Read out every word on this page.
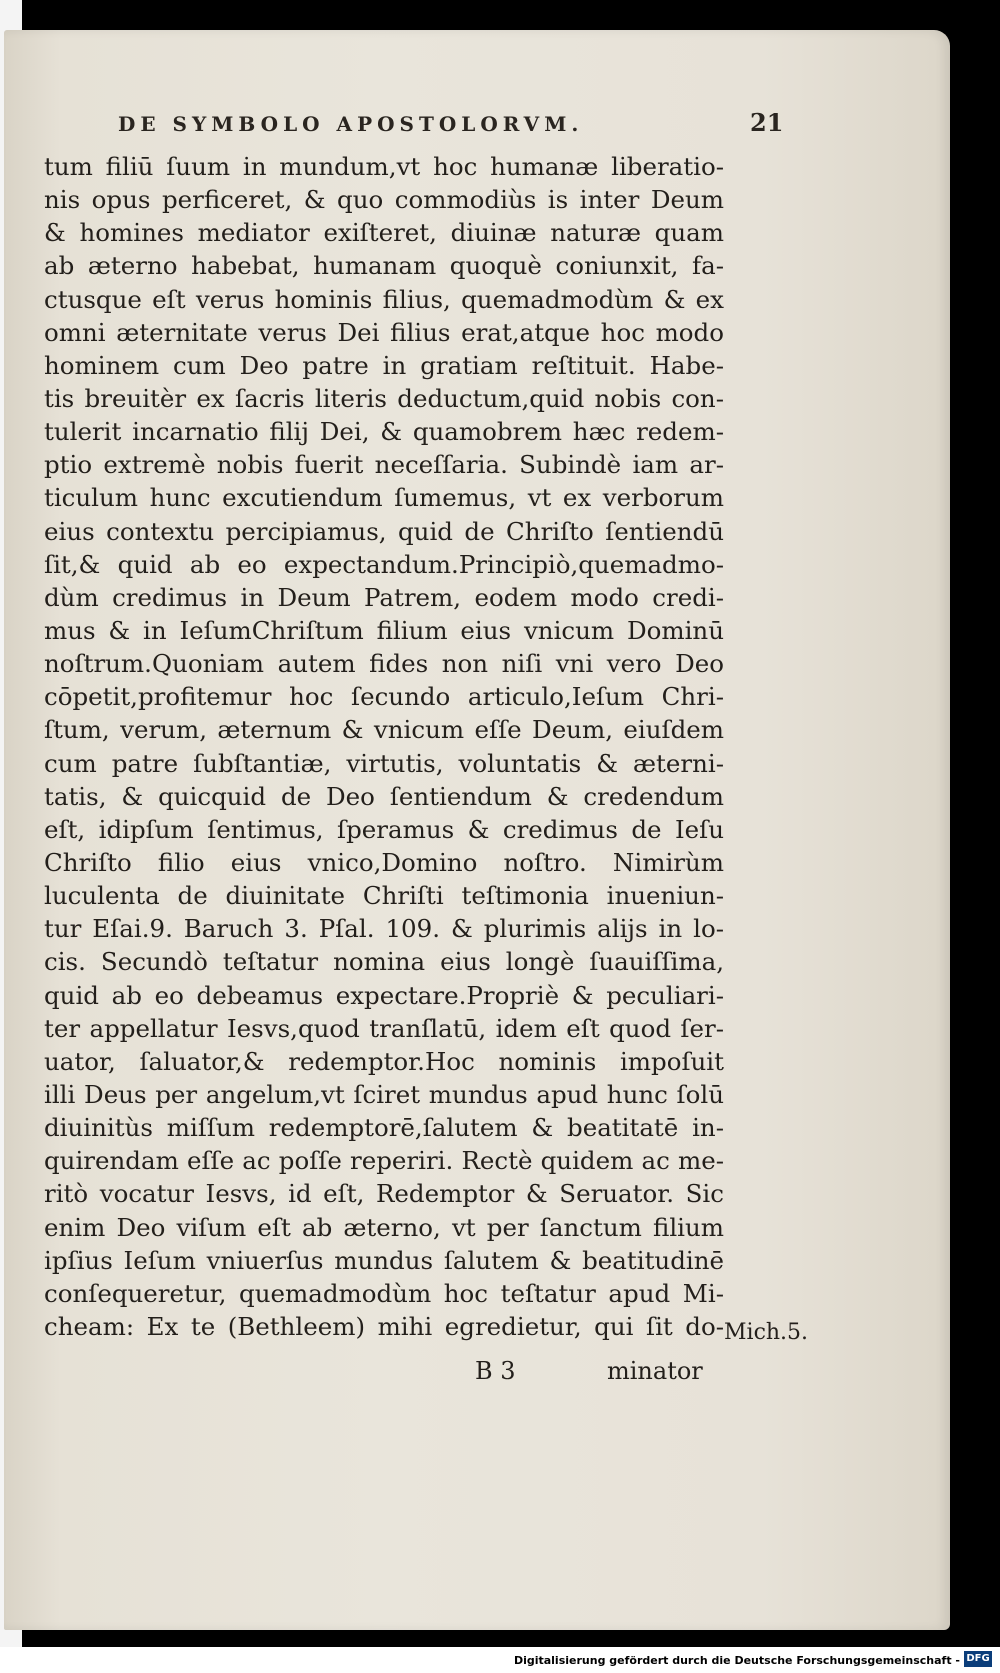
DE SYMBOLO APOSTOLORVM.	21
tum filiū ſuum in mundum,vt hoc humanæ liberatio-
nis opus perficeret, & quo commodiùs is inter Deum
& homines mediator exiſteret, diuinæ naturæ quam
ab æterno habebat, humanam quoquè coniunxit, fa-
ctusque eſt verus hominis filius, quemadmodùm & ex
omni æternitate verus Dei filius erat,atque hoc modo
hominem cum Deo patre in gratiam reſtituit. Habe-
tis breuitèr ex ſacris literis deductum,quid nobis con-
tulerit incarnatio filij Dei, & quamobrem hæc redem-
ptio extremè nobis fuerit neceſſaria. Subindè iam ar-
ticulum hunc excutiendum ſumemus, vt ex verborum
eius contextu percipiamus, quid de Chriſto ſentiendū
ſit,& quid ab eo expectandum.Principiò,quemadmo-
dùm credimus in Deum Patrem, eodem modo credi-
mus & in IeſumChriſtum filium eius vnicum Dominū
noſtrum.Quoniam autem fides non niſi vni vero Deo
cōpetit,profitemur hoc ſecundo articulo,Ieſum Chri-
ſtum, verum, æternum & vnicum eſſe Deum, eiuſdem
cum patre ſubſtantiæ, virtutis, voluntatis & æterni-
tatis, & quicquid de Deo ſentiendum & credendum
eſt, idipſum ſentimus, ſperamus & credimus de Ieſu
Chriſto filio eius vnico,Domino noſtro. Nimirùm
luculenta de diuinitate Chriſti teſtimonia inueniun-
tur Eſai.9. Baruch 3. Pſal. 109. & plurimis alijs in lo-
cis. Secundò teſtatur nomina eius longè ſuauiſſima,
quid ab eo debeamus expectare.Propriè & peculiari-
ter appellatur Iesvs,quod tranſlatū, idem eſt quod ſer-
uator, ſaluator,& redemptor.Hoc nominis impoſuit
illi Deus per angelum,vt ſciret mundus apud hunc ſolū
diuinitùs miſſum redemptorē,ſalutem & beatitatē in-
quirendam eſſe ac poſſe reperiri. Rectè quidem ac me-
ritò vocatur Iesvs, id eſt, Redemptor & Seruator. Sic
enim Deo viſum eſt ab æterno, vt per ſanctum filium
ipſius Ieſum vniuerſus mundus ſalutem & beatitudinē
conſequeretur, quemadmodùm hoc teſtatur apud Mi-
cheam: Ex te (Bethleem) mihi egredietur, qui ſit do- Mich.5.
B 3	minator
Digitalisierung gefördert durch die Deutsche Forschungsgemeinschaft - DFG
